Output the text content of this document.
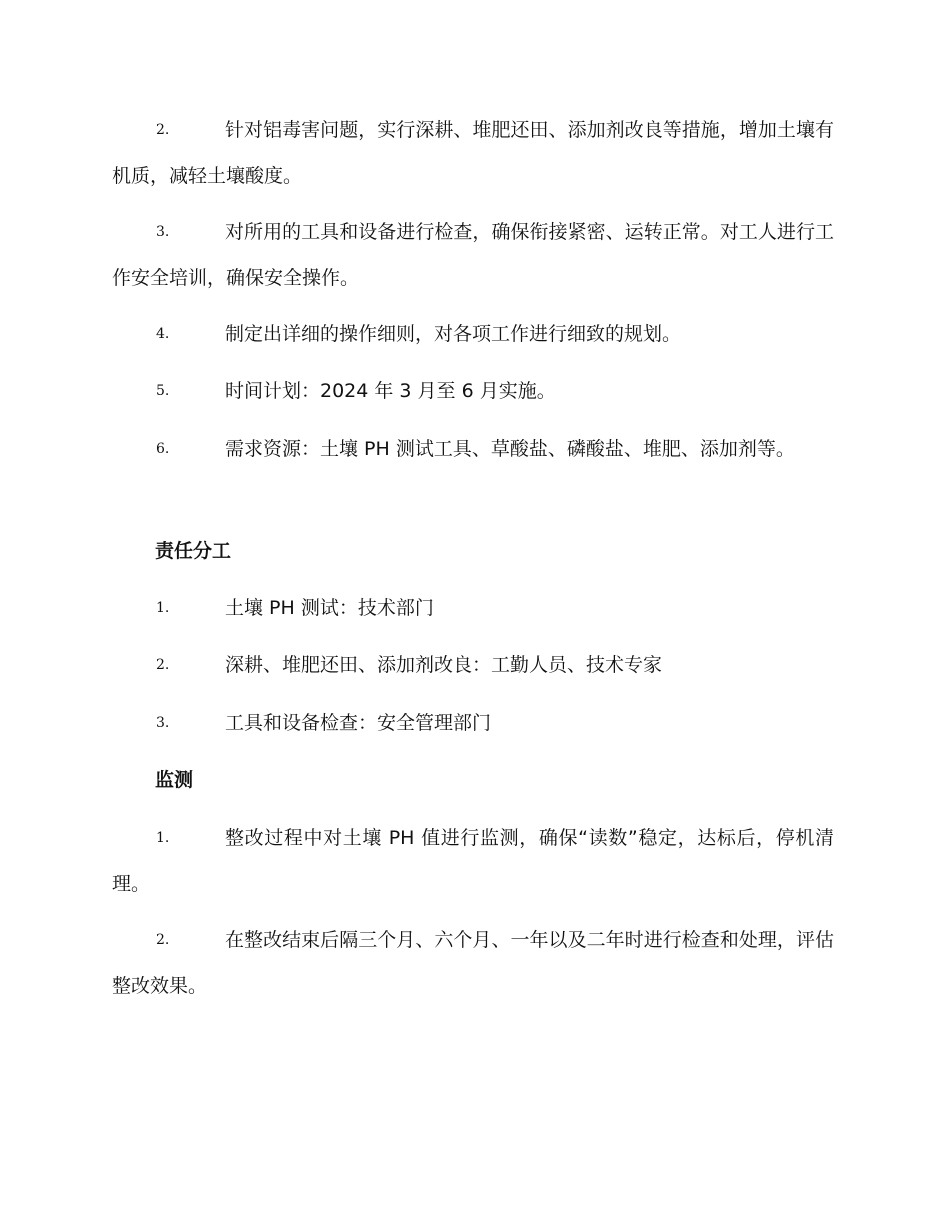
2.	针对铝毒害问题，实行深耕、堆肥还田、添加剂改良等措施，增加土壤有机质，减轻土壤酸度。
3.	对所用的工具和设备进行检查，确保衔接紧密、运转正常。对工人进行工作安全培训，确保安全操作。
4.	制定出详细的操作细则，对各项工作进行细致的规划。
5.	时间计划：2024 年 3 月至 6 月实施。
6.	需求资源：土壤 PH 测试工具、草酸盐、磷酸盐、堆肥、添加剂等。
责任分工
1.	土壤 PH 测试：技术部门
2.	深耕、堆肥还田、添加剂改良：工勤人员、技术专家
3.	工具和设备检查：安全管理部门
监测
1.	整改过程中对土壤 PH 值进行监测，确保“读数”稳定，达标后，停机清理。
2.	在整改结束后隔三个月、六个月、一年以及二年时进行检查和处理，评估整改效果。
